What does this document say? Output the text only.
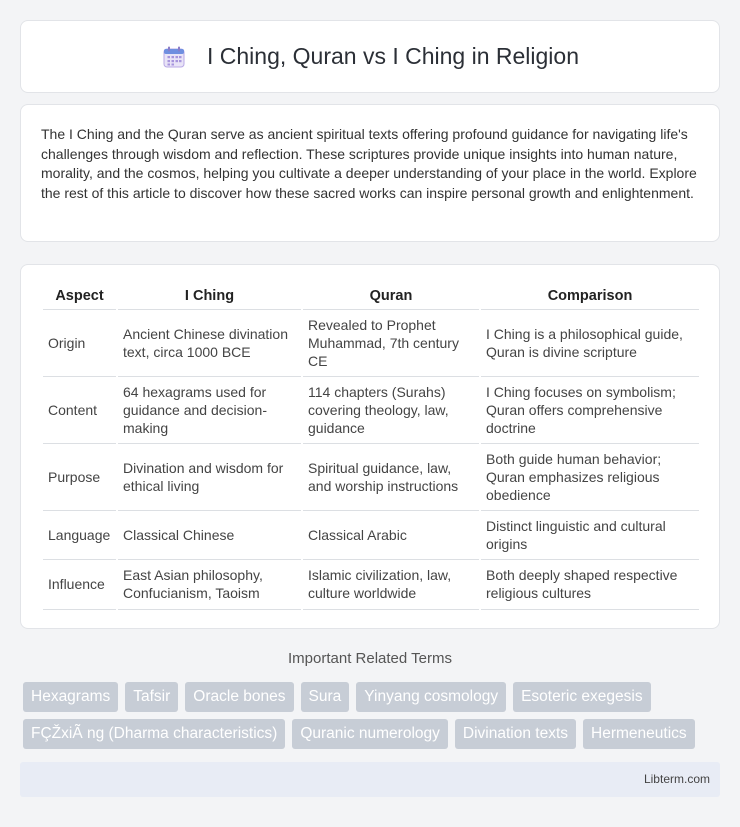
I Ching, Quran vs I Ching in Religion

The I Ching and the Quran serve as ancient spiritual texts offering profound guidance for navigating life's challenges through wisdom and reflection. These scriptures provide unique insights into human nature, morality, and the cosmos, helping you cultivate a deeper understanding of your place in the world. Explore the rest of this article to discover how these sacred works can inspire personal growth and enlightenment.

Aspect	I Ching	Quran	Comparison
Origin	Ancient Chinese divination text, circa 1000 BCE	Revealed to Prophet Muhammad, 7th century CE	I Ching is a philosophical guide, Quran is divine scripture
Content	64 hexagrams used for guidance and decision-making	114 chapters (Surahs) covering theology, law, guidance	I Ching focuses on symbolism; Quran offers comprehensive doctrine
Purpose	Divination and wisdom for ethical living	Spiritual guidance, law, and worship instructions	Both guide human behavior; Quran emphasizes religious obedience
Language	Classical Chinese	Classical Arabic	Distinct linguistic and cultural origins
Influence	East Asian philosophy, Confucianism, Taoism	Islamic civilization, law, culture worldwide	Both deeply shaped respective religious cultures
Important Related Terms
Hexagrams	Tafsir	Oracle bones	Sura	Yinyang cosmology	Esoteric exegesis
FÇŽxiÃ ng (Dharma characteristics)	Quranic numerology	Divination texts	Hermeneutics
Libterm.com
